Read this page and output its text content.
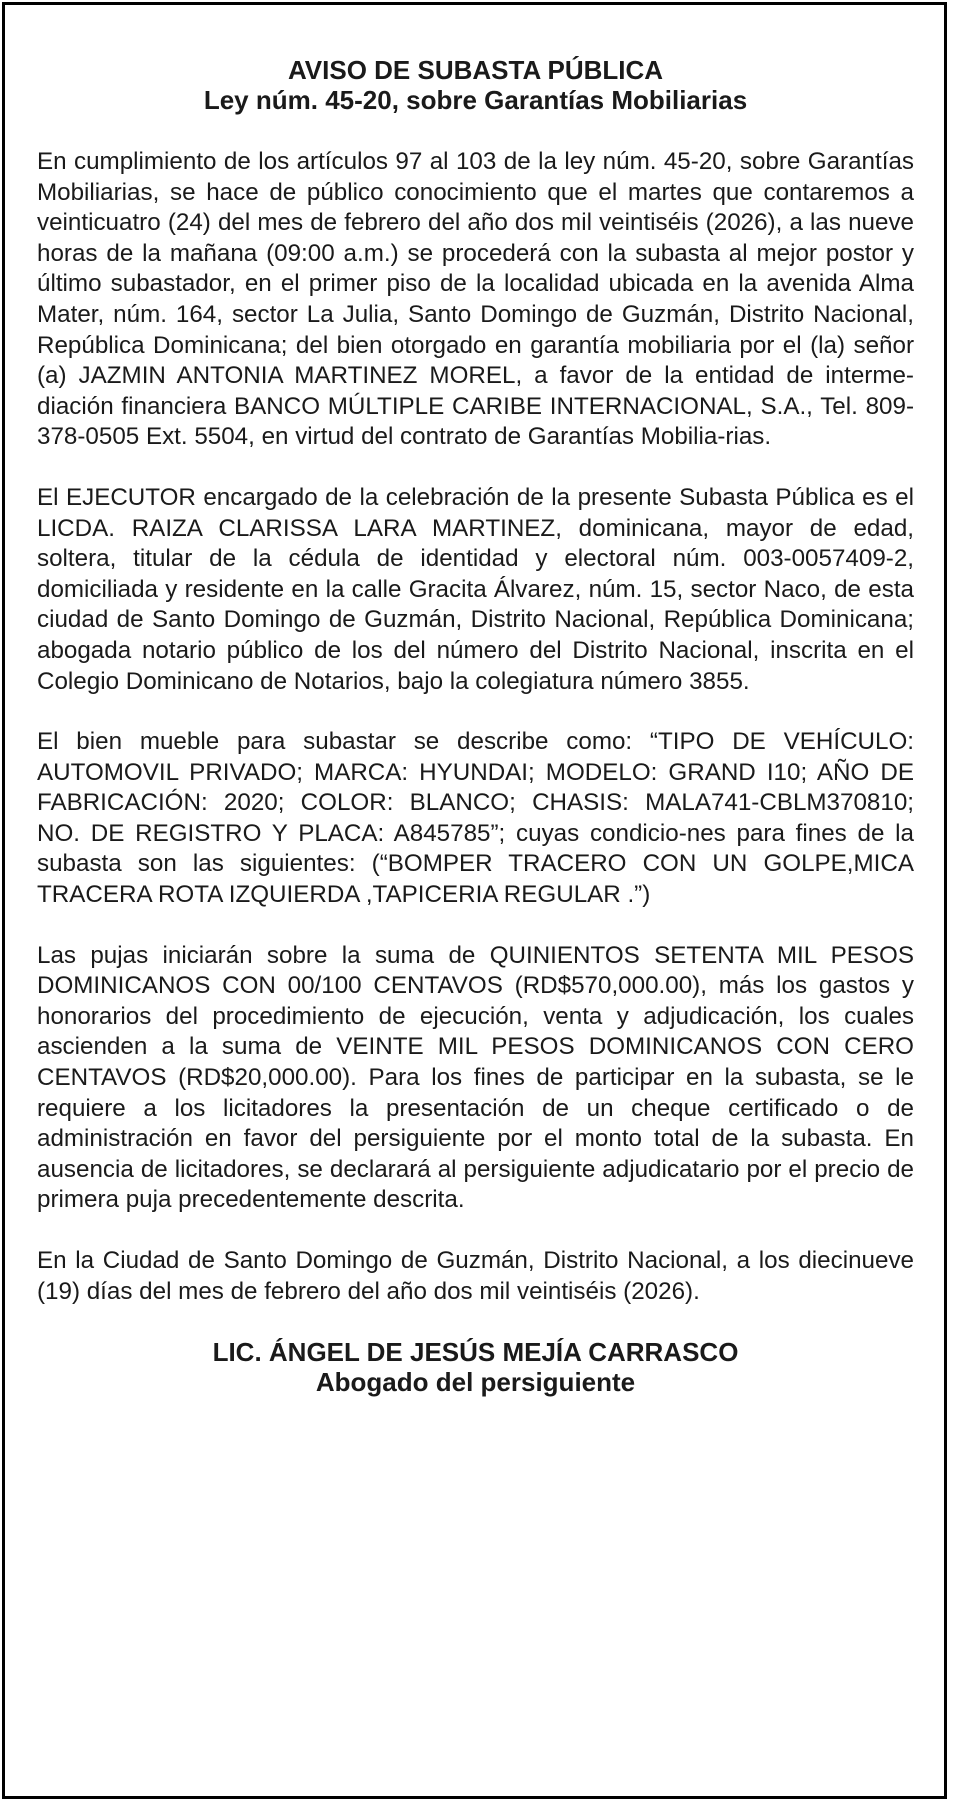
AVISO DE SUBASTA PÚBLICA
Ley núm. 45-20, sobre Garantías Mobiliarias

En cumplimiento de los artículos 97 al 103 de la ley núm. 45-20, sobre Garantías Mobiliarias, se hace de público conocimiento que el martes que contaremos a veinticuatro (24) del mes de febrero del año dos mil veintiséis (2026), a las nueve horas de la mañana (09:00 a.m.) se procederá con la subasta al mejor postor y último subastador, en el primer piso de la localidad ubicada en la avenida Alma Mater, núm. 164, sector La Julia, Santo Domingo de Guzmán, Distrito Nacional, República Dominicana; del bien otorgado en garantía mobiliaria por el (la) señor (a) JAZMIN ANTONIA MARTINEZ MOREL, a favor de la entidad de interme-diación financiera BANCO MÚLTIPLE CARIBE INTERNACIONAL, S.A., Tel. 809-378-0505 Ext. 5504, en virtud del contrato de Garantías Mobilia-rias.

El EJECUTOR encargado de la celebración de la presente Subasta Pública es el LICDA. RAIZA CLARISSA LARA MARTINEZ, dominicana, mayor de edad, soltera, titular de la cédula de identidad y electoral núm. 003-0057409-2, domiciliada y residente en la calle Gracita Álvarez, núm. 15, sector Naco, de esta ciudad de Santo Domingo de Guzmán, Distrito Nacional, República Dominicana; abogada notario público de los del número del Distrito Nacional, inscrita en el Colegio Dominicano de Notarios, bajo la colegiatura número 3855.

El bien mueble para subastar se describe como: “TIPO DE VEHÍCULO: AUTOMOVIL PRIVADO; MARCA: HYUNDAI; MODELO: GRAND I10; AÑO DE FABRICACIÓN: 2020; COLOR: BLANCO; CHASIS: MALA741-CBLM370810; NO. DE REGISTRO Y PLACA: A845785”; cuyas condicio-nes para fines de la subasta son las siguientes: (“BOMPER TRACERO CON UN GOLPE,MICA TRACERA ROTA IZQUIERDA ,TAPICERIA REGULAR .”)

Las pujas iniciarán sobre la suma de QUINIENTOS SETENTA MIL PESOS DOMINICANOS CON 00/100 CENTAVOS (RD$570,000.00), más los gastos y honorarios del procedimiento de ejecución, venta y adjudicación, los cuales ascienden a la suma de VEINTE MIL PESOS DOMINICANOS CON CERO CENTAVOS (RD$20,000.00). Para los fines de participar en la subasta, se le requiere a los licitadores la presentación de un cheque certificado o de administración en favor del persiguiente por el monto total de la subasta. En ausencia de licitadores, se declarará al persiguiente adjudicatario por el precio de primera puja precedentemente descrita.

En la Ciudad de Santo Domingo de Guzmán, Distrito Nacional, a los diecinueve (19) días del mes de febrero del año dos mil veintiséis (2026).

LIC. ÁNGEL DE JESÚS MEJÍA CARRASCO
Abogado del persiguiente
